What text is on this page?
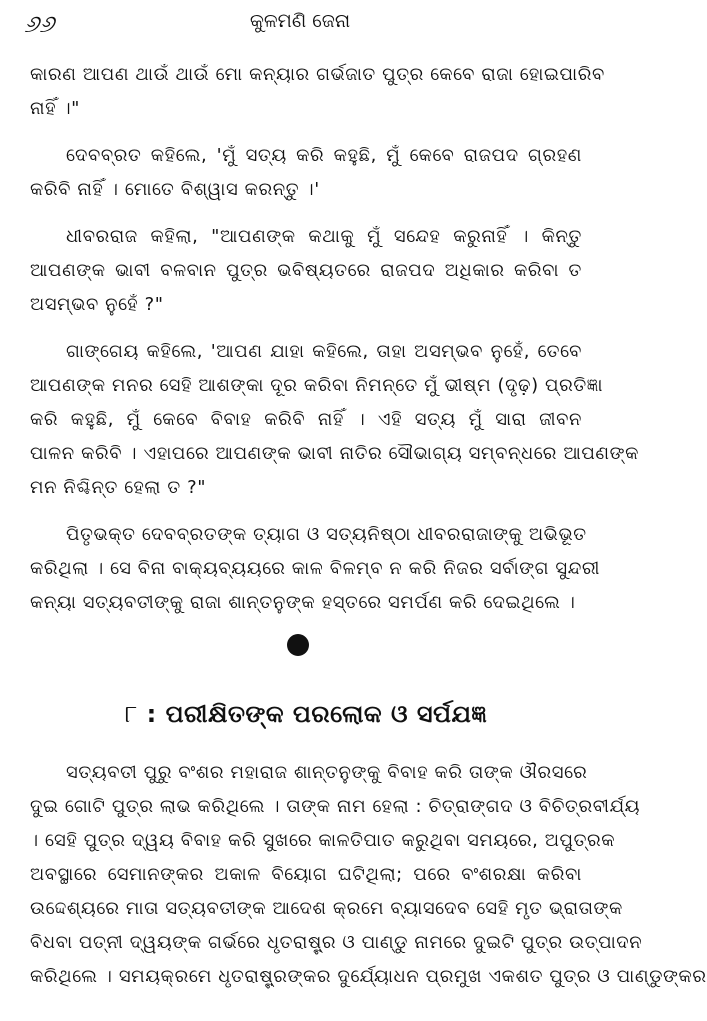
୬୬	କୁଳମଣି ଜେନା
କାରଣ ଆପଣ ଥାଉଁ ଥାଉଁ ମୋ କନ୍ୟାର ଗର୍ଭଜାତ ପୁତ୍ର କେବେ ରାଜା ହୋଇପାରିବ
ନାହିଁ ।"
ଦେବବ୍ରତ କହିଲେ, 'ମୁଁ ସତ୍ୟ କରି କହୁଛି, ମୁଁ କେବେ ରାଜପଦ ଗ୍ରହଣ
କରିବି ନାହିଁ । ମୋତେ ବିଶ୍ୱାସ କରନ୍ତୁ ।'
ଧୀବରରାଜ କହିଲା, "ଆପଣଙ୍କ କଥାକୁ ମୁଁ ସନ୍ଦେହ କରୁନାହିଁ । କିନ୍ତୁ
ଆପଣଙ୍କ ଭାବୀ ବଳବାନ ପୁତ୍ର ଭବିଷ୍ୟତରେ ରାଜପଦ ଅଧିକାର କରିବା ତ
ଅସମ୍ଭବ ନୁହେଁ ?"
ଗାଙ୍ଗେୟ କହିଲେ, 'ଆପଣ ଯାହା କହିଲେ, ତାହା ଅସମ୍ଭବ ନୁହେଁ, ତେବେ
ଆପଣଙ୍କ ମନର ସେହି ଆଶଙ୍କା ଦୂର କରିବା ନିମନ୍ତେ ମୁଁ ଭୀଷ୍ମ (ଦୃଢ଼) ପ୍ରତିଜ୍ଞା
କରି କହୁଛି, ମୁଁ କେବେ ବିବାହ କରିବି ନାହିଁ । ଏହି ସତ୍ୟ ମୁଁ ସାରା ଜୀବନ
ପାଳନ କରିବି । ଏହାପରେ ଆପଣଙ୍କ ଭାବୀ ନାତିର ସୌଭାଗ୍ୟ ସମ୍ବନ୍ଧରେ ଆପଣଙ୍କ
ମନ ନିଶ୍ଚିନ୍ତ ହେଲା ତ ?"
ପିତୃଭକ୍ତ ଦେବବ୍ରତଙ୍କ ତ୍ୟାଗ ଓ ସତ୍ୟନିଷ୍ଠା ଧୀବରରାଜାଙ୍କୁ ଅଭିଭୂତ
କରିଥିଲା । ସେ ବିନା ବାକ୍ୟବ୍ୟୟରେ କାଳ ବିଳମ୍ବ ନ କରି ନିଜର ସର୍ବାଙ୍ଗ ସୁନ୍ଦରୀ
କନ୍ୟା ସତ୍ୟବତୀଙ୍କୁ ରାଜା ଶାନ୍ତନୁଙ୍କ ହସ୍ତରେ ସମର୍ପଣ କରି ଦେଇଥିଲେ ।
୮ : ପରୀକ୍ଷିତଙ୍କ ପରଲୋକ ଓ ସର୍ପଯଜ୍ଞ
ସତ୍ୟବତୀ ପୁରୁ ବଂଶର ମହାରାଜ ଶାନ୍ତନୁଙ୍କୁ ବିବାହ କରି ତାଙ୍କ ଔରସରେ
ଦୁଇ ଗୋଟି ପୁତ୍ର ଲାଭ କରିଥିଲେ । ତାଙ୍କ ନାମ ହେଲା : ଚିତ୍ରାଙ୍ଗଦ ଓ ବିଚିତ୍ରବୀର୍ଯ୍ୟ
। ସେହି ପୁତ୍ର ଦ୍ୱୟ ବିବାହ କରି ସୁଖରେ କାଳତିପାତ କରୁଥିବା ସମୟରେ, ଅପୁତ୍ରକ
ଅବସ୍ଥାରେ ସେମାନଙ୍କର ଅକାଳ ବିୟୋଗ ଘଟିଥିଲା; ପରେ ବଂଶରକ୍ଷା କରିବା
ଉଦ୍ଦେଶ୍ୟରେ ମାତା ସତ୍ୟବତୀଙ୍କ ଆଦେଶ କ୍ରମେ ବ୍ୟାସଦେବ ସେହି ମୃତ ଭ୍ରାତାଙ୍କ
ବିଧବା ପତ୍ନୀ ଦ୍ୱୟଙ୍କ ଗର୍ଭରେ ଧୃତରାଷ୍ଟ୍ର ଓ ପାଣ୍ଡୁ ନାମରେ ଦୁଇଟି ପୁତ୍ର ଉତ୍ପାଦନ
କରିଥିଲେ । ସମୟକ୍ରମେ ଧୃତରାଷ୍ଟ୍ରଙ୍କର ଦୁର୍ଯ୍ୟୋଧନ ପ୍ରମୁଖ ଏକଶତ ପୁତ୍ର ଓ ପାଣ୍ଡୁଙ୍କର
